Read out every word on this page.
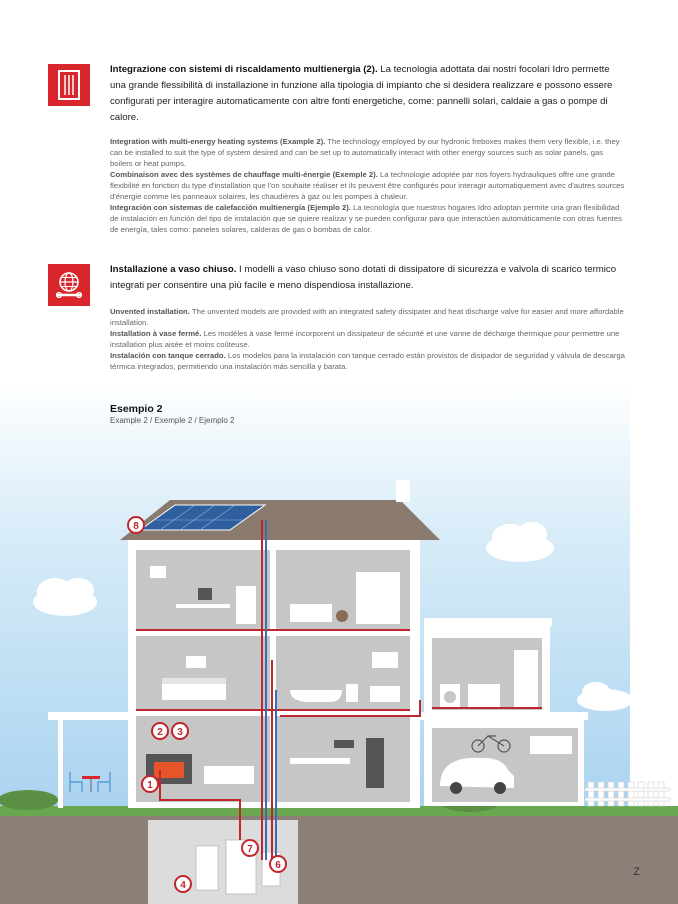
Integrazione con sistemi di riscaldamento multienergia (2). La tecnologia adottata dai nostri focolari Idro permette una grande flessibilità di installazione in funzione alla tipologia di impianto che si desidera realizzare e possono essere configurati per interagire automaticamente con altre fonti energetiche, come: pannelli solari, caldaie a gas o pompe di calore.

Integration with multi-energy heating systems (Example 2). The technology employed by our hydronic freboxes makes them very flexible, i.e. they can be installed to suit the type of system desired and can be set up to automatically interact with other energy sources such as solar panels, gas boilers or heat pumps.

Combinaison avec des systèmes de chauffage multi-énergie (Exemple 2). La technologie adoptée par nos foyers hydrauliques offre une grande flexibilité en fonction du type d'installation que l'on souhaite réaliser et ils peuvent être configurés pour interagir automatiquement avec d'autres sources d'énergie comme les panneaux solaires, les chaudières à gaz ou les pompes à chaleur.

Integración con sistemas de calefacción multienergía (Ejemplo 2). La tecnología que nuestros hogares Idro adoptan permite una gran flexibilidad de instalación en función del tipo de instalación que se quiere realizar y se pueden configurar para que interactúen automáticamente con otras fuentes de energía, tales como: paneles solares, calderas de gas o bombas de calor.

Installazione a vaso chiuso. I modelli a vaso chiuso sono dotati di dissipatore di sicurezza e valvola di scarico termico integrati per consentire una più facile e meno dispendiosa installazione.

Unvented installation. The unvented models are provided with an integrated safety dissipater and heat discharge valve for easier and more affordable installation.

Installation à vase fermé. Les modèles à vase fermé incorporent un dissipateur de sécurité et une vanne de décharge thermique pour permettre une installation plus aisée et moins coûteuse.

Instalación con tanque cerrado. Los modelos para la instalación con tanque cerrado están provistos de disipador de seguridad y válvula de descarga térmica integrados, permitiendo una instalación más sencilla y barata.

8
2 3
1
7
6
4
Esempio 2
Example 2 / Exemple 2 / Ejemplo 2
Z
